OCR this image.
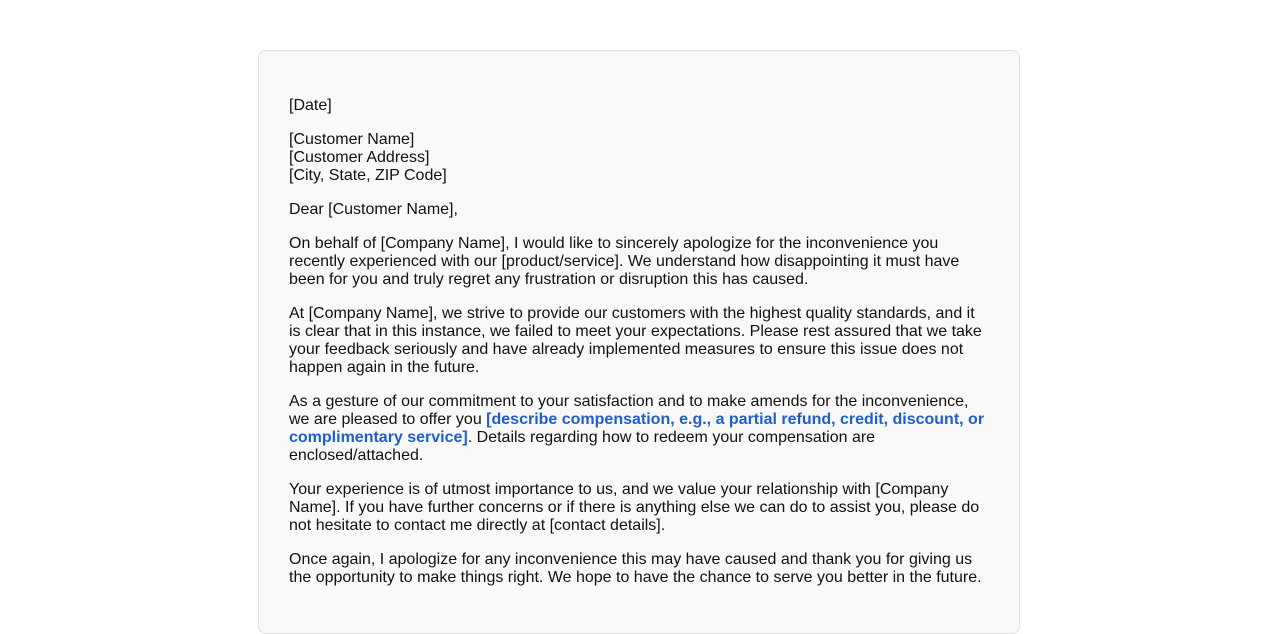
[Date]

[Customer Name]
[Customer Address]
[City, State, ZIP Code]

Dear [Customer Name],

On behalf of [Company Name], I would like to sincerely apologize for the inconvenience you recently experienced with our [product/service]. We understand how disappointing it must have been for you and truly regret any frustration or disruption this has caused.

At [Company Name], we strive to provide our customers with the highest quality standards, and it is clear that in this instance, we failed to meet your expectations. Please rest assured that we take your feedback seriously and have already implemented measures to ensure this issue does not happen again in the future.

As a gesture of our commitment to your satisfaction and to make amends for the inconvenience, we are pleased to offer you [describe compensation, e.g., a partial refund, credit, discount, or complimentary service]. Details regarding how to redeem your compensation are enclosed/attached.

Your experience is of utmost importance to us, and we value your relationship with [Company Name]. If you have further concerns or if there is anything else we can do to assist you, please do not hesitate to contact me directly at [contact details].

Once again, I apologize for any inconvenience this may have caused and thank you for giving us the opportunity to make things right. We hope to have the chance to serve you better in the future.
